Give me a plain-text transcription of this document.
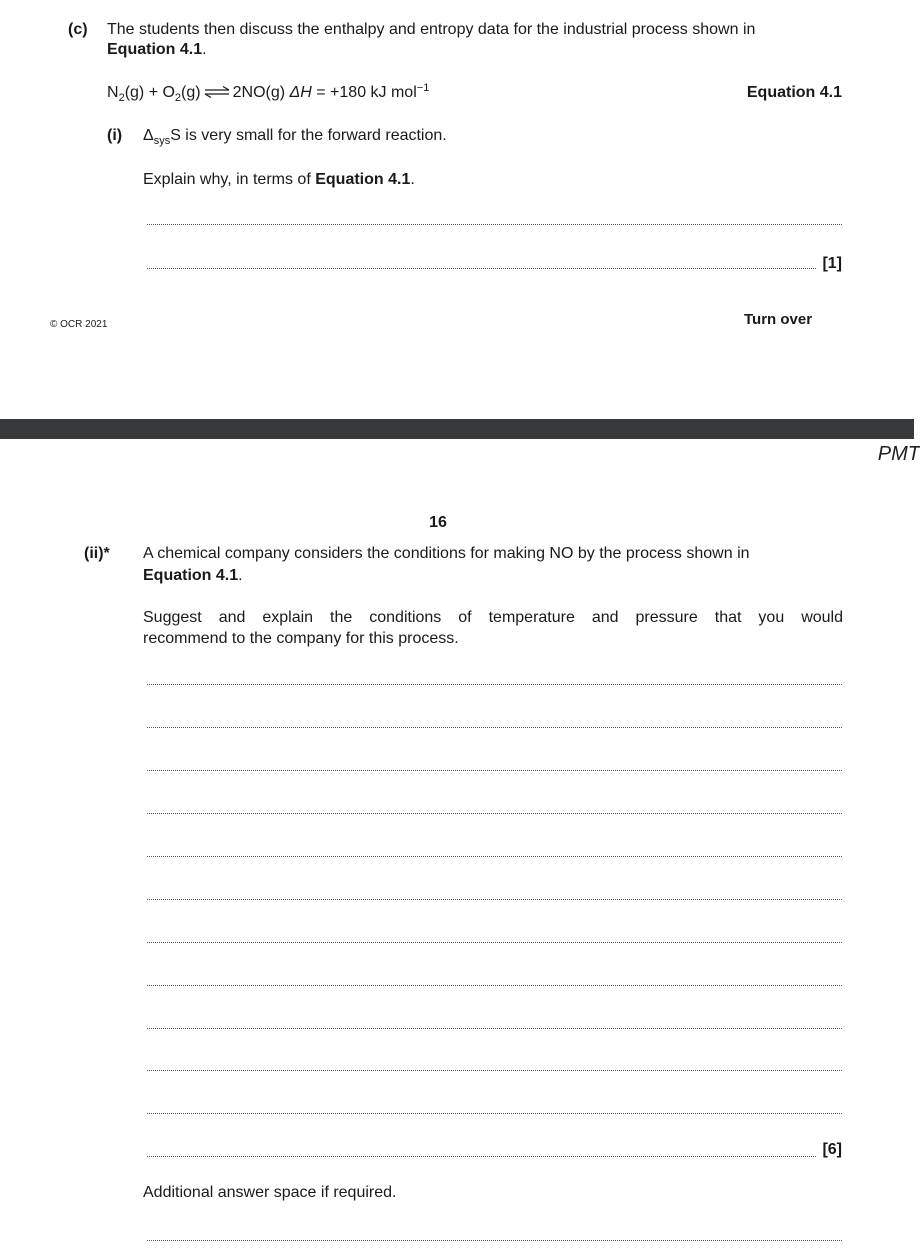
(c) The students then discuss the enthalpy and entropy data for the industrial process shown in
Equation 4.1.
$N_2(g) + O_2(g)$ ⇌ 2NO(g) ΔH = +180 kJ mol$^{-1}$	Equation 4.1
(i) $\Delta_{sys}S$ is very small for the forward reaction.
Explain why, in terms of Equation 4.1.
[1]
© OCR 2021	Turn over
PMT
16
(ii)* A chemical company considers the conditions for making NO by the process shown in
Equation 4.1.
Suggest and explain the conditions of temperature and pressure that you would
recommend to the company for this process.
[6]
Additional answer space if required.
